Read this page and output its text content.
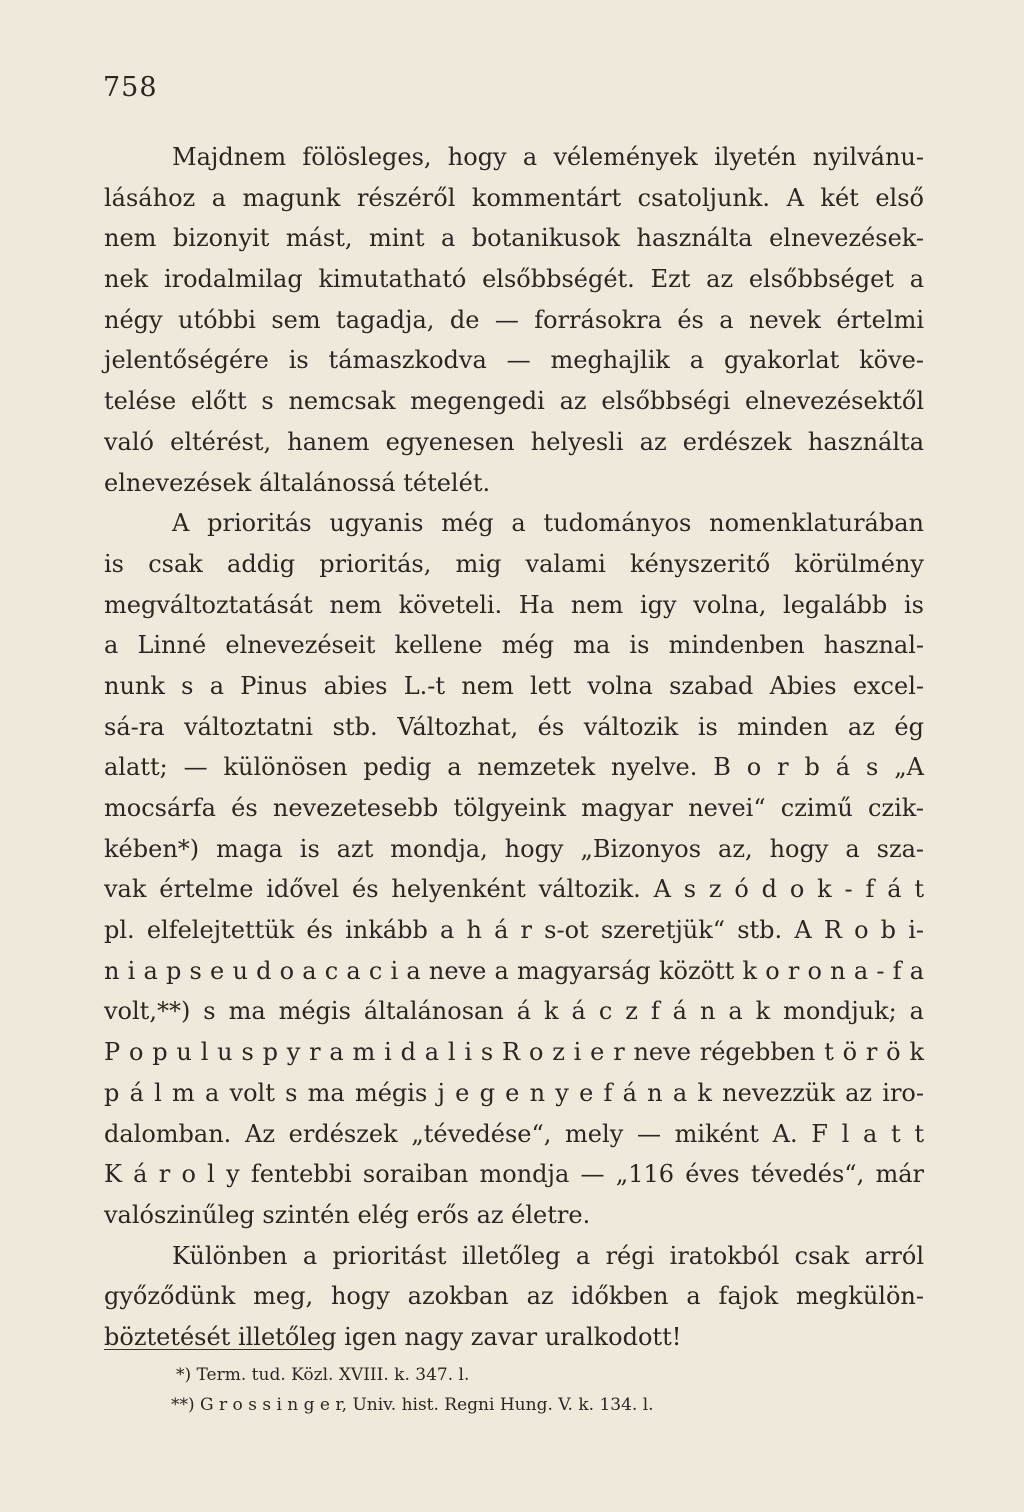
758
Majdnem fölösleges, hogy a vélemények ilyetén nyilvánu-
lásához a magunk részéről kommentárt csatoljunk. A két első
nem bizonyit mást, mint a botanikusok használta elnevezések-
nek irodalmilag kimutatható elsőbbségét. Ezt az elsőbbséget a
négy utóbbi sem tagadja, de — forrásokra és a nevek értelmi
jelentőségére is támaszkodva — meghajlik a gyakorlat köve-
telése előtt s nemcsak megengedi az elsőbbségi elnevezésektől
való eltérést, hanem egyenesen helyesli az erdészek használta
elnevezések általánossá tételét.
A prioritás ugyanis még a tudományos nomenklaturában
is csak addig prioritás, mig valami kényszeritő körülmény
megváltoztatását nem követeli. Ha nem igy volna, legalább is
a Linné elnevezéseit kellene még ma is mindenben hasznal-
nunk s a Pinus abies L.-t nem lett volna szabad Abies excel-
sá-ra változtatni stb. Változhat, és változik is minden az ég
alatt; — különösen pedig a nemzetek nyelve. B o r b á s „A
mocsárfa és nevezetesebb tölgyeink magyar nevei“ czimű czik-
kében*) maga is azt mondja, hogy „Bizonyos az, hogy a sza-
vak értelme idővel és helyenként változik. A s z ó d o k - f á t
pl. elfelejtettük és inkább a h á r s-ot szeretjük“ stb. A R o b i-
n i a p s e u d o a c a c i a neve a magyarság között k o r o n a - f a
volt,**) s ma mégis általánosan á k á c z f á n a k mondjuk; a
P o p u l u s p y r a m i d a l i s R o z i e r neve régebben t ö r ö k
p á l m a volt s ma mégis j e g e n y e f á n a k nevezzük az iro-
dalomban. Az erdészek „tévedése“, mely — miként A. F l a t t
K á r o l y fentebbi soraiban mondja — „116 éves tévedés“, már
valószinűleg szintén elég erős az életre.
Különben a prioritást illetőleg a régi iratokból csak arról
győződünk meg, hogy azokban az időkben a fajok megkülön-
böztetését illetőleg igen nagy zavar uralkodott!
*) Term. tud. Közl. XVIII. k. 347. l.
**) G r o s s i n g e r, Univ. hist. Regni Hung. V. k. 134. l.
